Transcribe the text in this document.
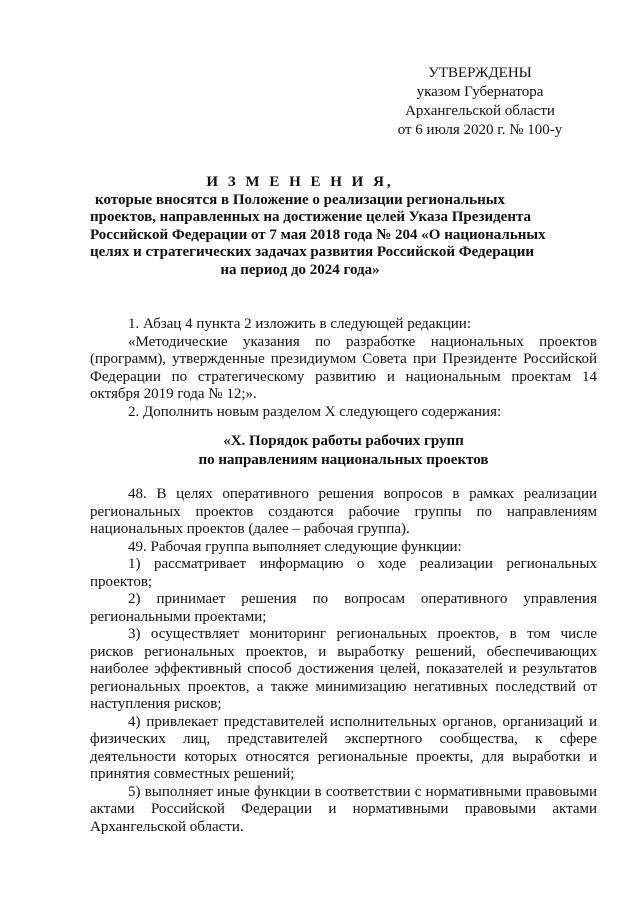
УТВЕРЖДЕНЫ
указом Губернатора
Архангельской области
от 6 июля 2020 г. № 100-у
И З М Е Н Е Н И Я,
которые вносятся в Положение о реализации региональных
проектов, направленных на достижение целей Указа Президента
Российской Федерации от 7 мая 2018 года № 204 «О национальных
целях и стратегических задачах развития Российской Федерации
на период до 2024 года»

1. Абзац 4 пункта 2 изложить в следующей редакции:

«Методические указания по разработке национальных проектов (программ), утвержденные президиумом Совета при Президенте Российской Федерации по стратегическому развитию и национальным проектам 14 октября 2019 года № 12;».

2. Дополнить новым разделом X следующего содержания:

«X. Порядок работы рабочих групп
по направлениям национальных проектов

48. В целях оперативного решения вопросов в рамках реализации региональных проектов создаются рабочие группы по направлениям национальных проектов (далее – рабочая группа).

49. Рабочая группа выполняет следующие функции:

1) рассматривает информацию о ходе реализации региональных проектов;

2) принимает решения по вопросам оперативного управления региональными проектами;

3) осуществляет мониторинг региональных проектов, в том числе рисков региональных проектов, и выработку решений, обеспечивающих наиболее эффективный способ достижения целей, показателей и результатов региональных проектов, а также минимизацию негативных последствий от наступления рисков;

4) привлекает представителей исполнительных органов, организаций и физических лиц, представителей экспертного сообщества, к сфере деятельности которых относятся региональные проекты, для выработки и принятия совместных решений;

5) выполняет иные функции в соответствии с нормативными правовыми актами Российской Федерации и нормативными правовыми актами Архангельской области.
